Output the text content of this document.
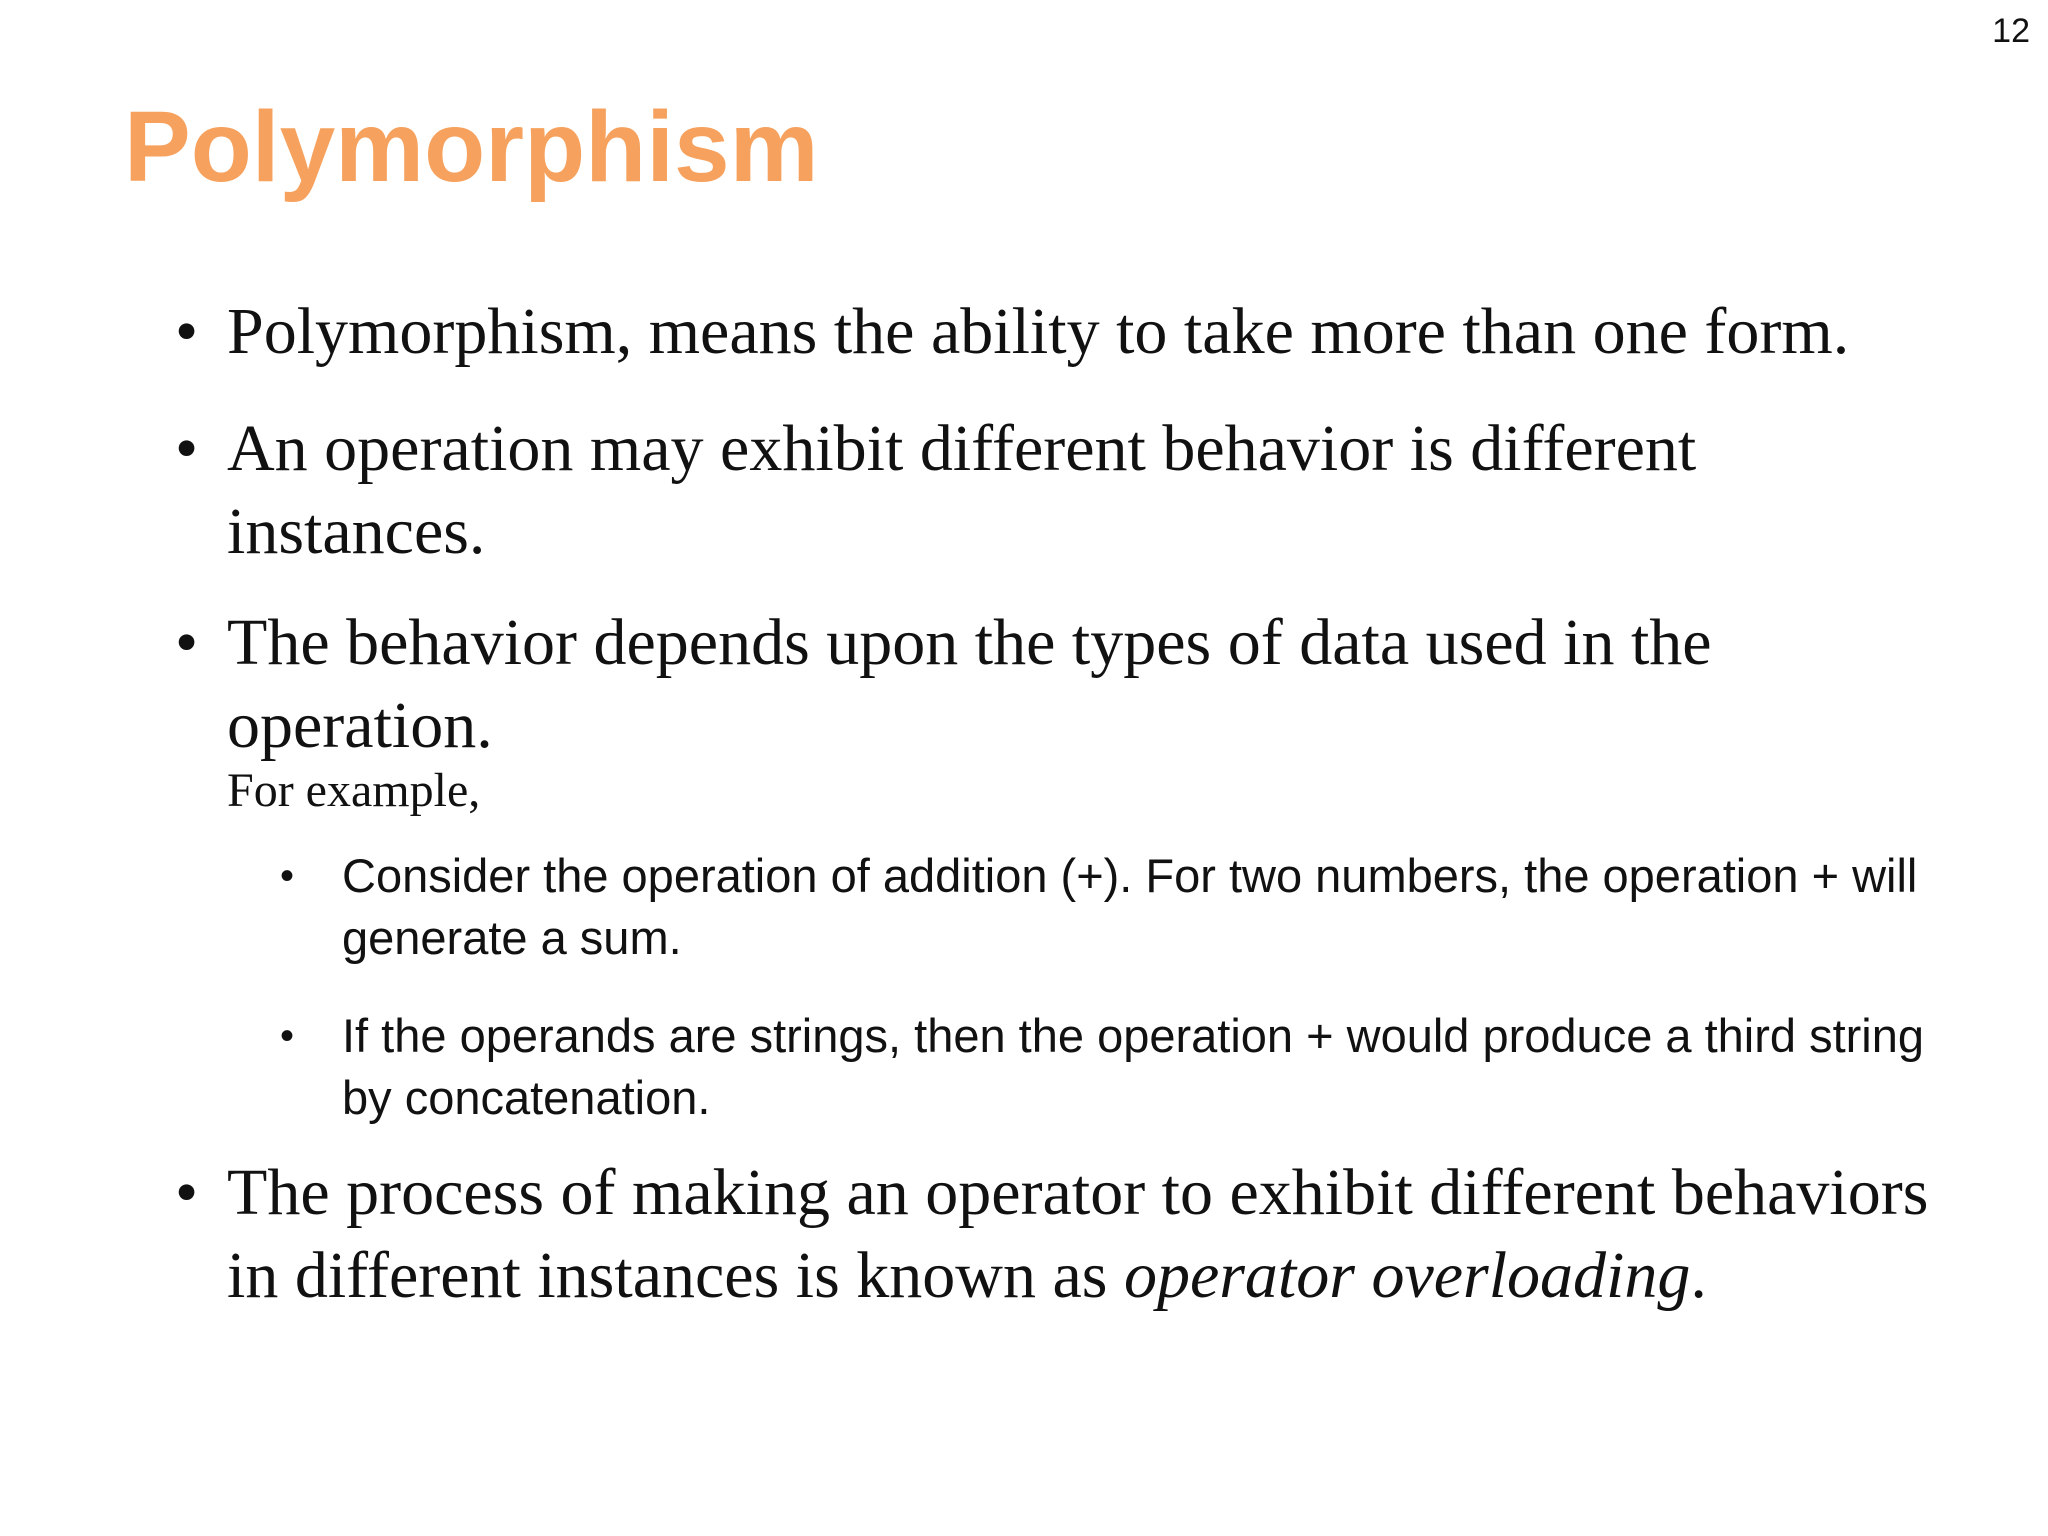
12
Polymorphism
• Polymorphism, means the ability to take more than one form.
• An operation may exhibit different behavior is different instances.
• The behavior depends upon the types of data used in the operation.
For example,
• Consider the operation of addition (+). For two numbers, the operation + will generate a sum.
• If the operands are strings, then the operation + would produce a third string by concatenation.
• The process of making an operator to exhibit different behaviors in different instances is known as operator overloading.
